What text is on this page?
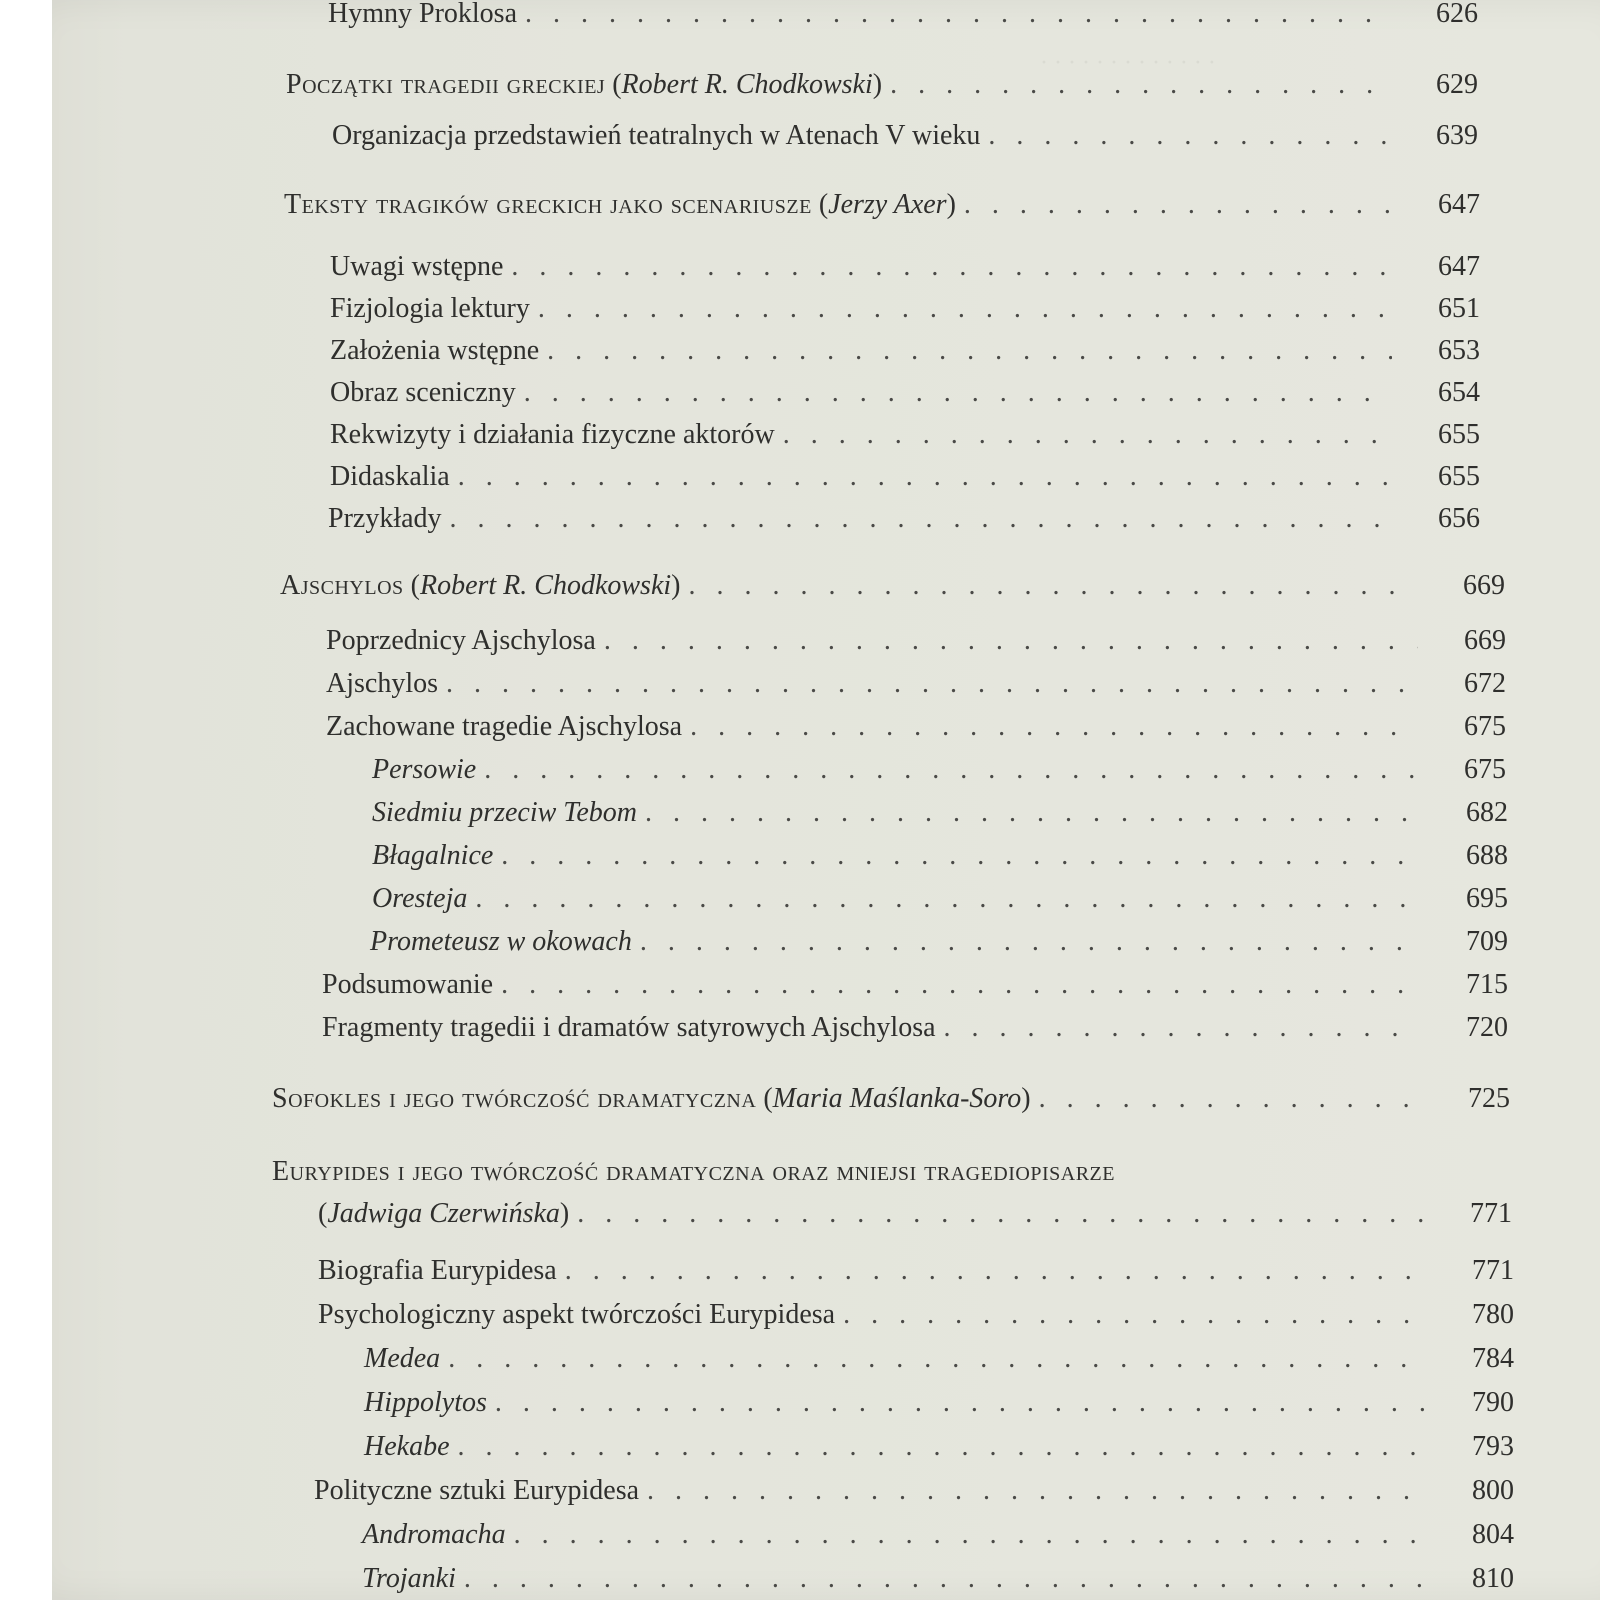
· · · · · · · · · · · · ·
Hymny Proklosa . . .	626
Początki tragedii greckiej (Robert R. Chodkowski) . . .	629
Organizacja przedstawień teatralnych w Atenach V wieku . . .	639
Teksty tragików greckich jako scenariusze (Jerzy Axer) . . .	647
Uwagi wstępne . . .	647
Fizjologia lektury . . .	651
Założenia wstępne . . .	653
Obraz sceniczny . . .	654
Rekwizyty i działania fizyczne aktorów . . .	655
Didaskalia . . .	655
Przykłady . . .	656
Ajschylos (Robert R. Chodkowski) . . .	669
Poprzednicy Ajschylosa . . .	669
Ajschylos . . .	672
Zachowane tragedie Ajschylosa . . .	675
Persowie . . .	675
Siedmiu przeciw Tebom . . .	682
Błagalnice . . .	688
Oresteja . . .	695
Prometeusz w okowach . . .	709
Podsumowanie . . .	715
Fragmenty tragedii i dramatów satyrowych Ajschylosa . . .	720
Sofokles i jego twórczość dramatyczna (Maria Maślanka-Soro) . . .	725
Eurypides i jego twórczość dramatyczna oraz mniejsi tragediopisarze
(Jadwiga Czerwińska) . . .	771
Biografia Eurypidesa . . .	771
Psychologiczny aspekt twórczości Eurypidesa . . .	780
Medea . . .	784
Hippolytos . . .	790
Hekabe . . .	793
Polityczne sztuki Eurypidesa . . .	800
Andromacha . . .	804
Trojanki . . .	810
